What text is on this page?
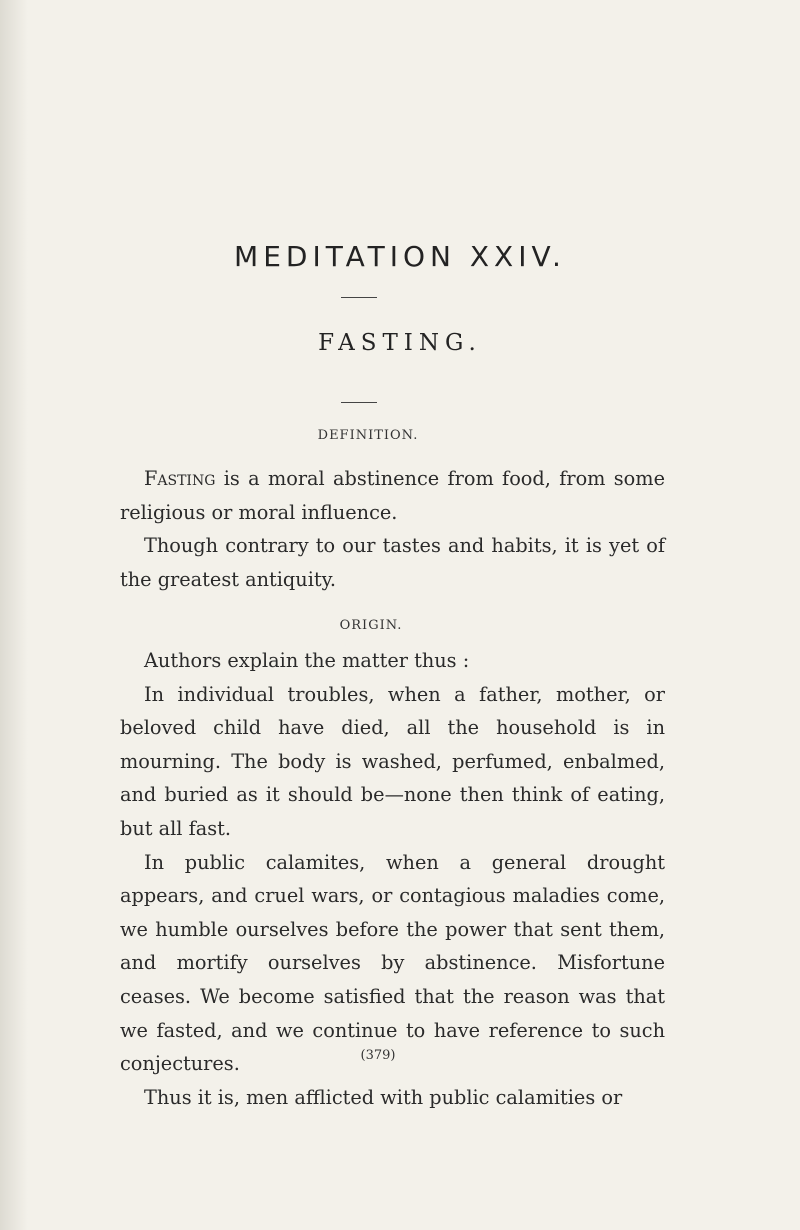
MEDITATION XXIV.
FASTING.
DEFINITION.

Fasting is a moral abstinence from food, from some religious or moral influence.

Though contrary to our tastes and habits, it is yet of the greatest antiquity.

ORIGIN.

Authors explain the matter thus :

In individual troubles, when a father, mother, or beloved child have died, all the household is in mourning. The body is washed, perfumed, enbalmed, and buried as it should be—none then think of eating, but all fast.

In public calamites, when a general drought appears, and cruel wars, or contagious maladies come, we humble ourselves before the power that sent them, and mortify ourselves by abstinence. Misfortune ceases. We become satisfied that the reason was that we fasted, and we continue to have reference to such conjectures.

Thus it is, men afflicted with public calamities or

(379)
